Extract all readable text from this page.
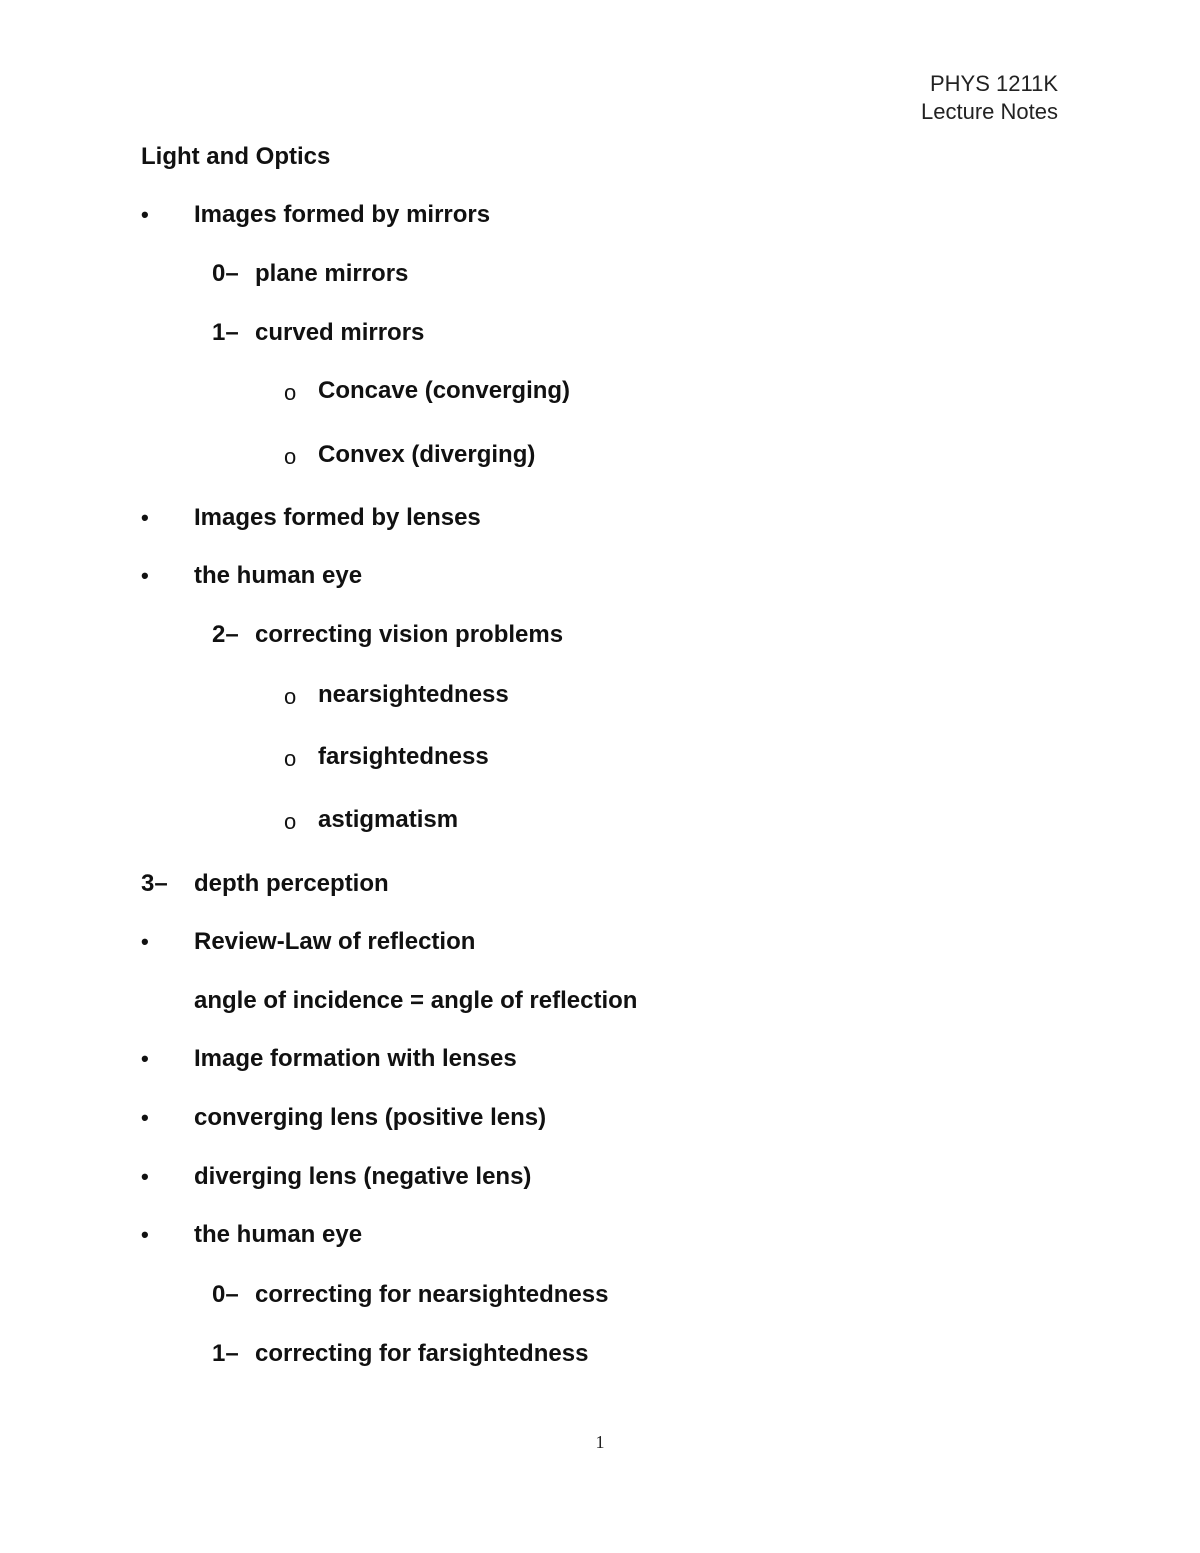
PHYS 1211K
Lecture Notes
Light and Optics
• Images formed by mirrors
0– plane mirrors
1– curved mirrors
o Concave (converging)
o Convex (diverging)
• Images formed by lenses
• the human eye
2– correcting vision problems
o nearsightedness
o farsightedness
o astigmatism
3– depth perception
• Review-Law of reflection
angle of incidence = angle of reflection
• Image formation with lenses
• converging lens (positive lens)
• diverging lens (negative lens)
• the human eye
0– correcting for nearsightedness
1– correcting for farsightedness
1
